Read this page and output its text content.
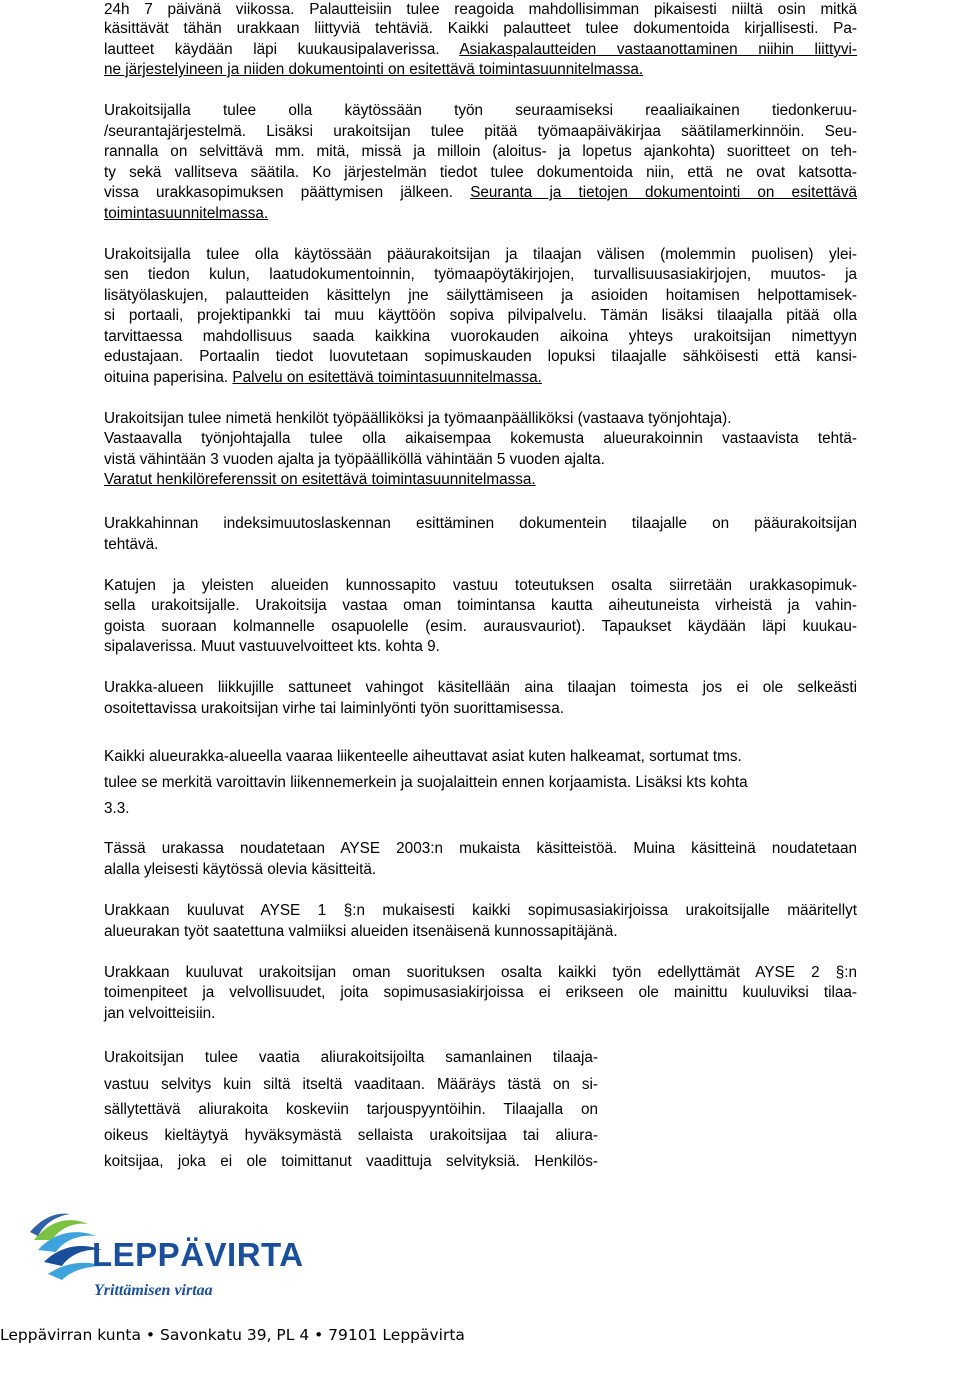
24h 7 päivänä viikossa. Palautteisiin tulee reagoida mahdollisimman pikaisesti niiltä osin mitkä
käsittävät tähän urakkaan liittyviä tehtäviä. Kaikki palautteet tulee dokumentoida kirjallisesti. Pa-
lautteet käydään läpi kuukausipalaverissa. Asiakaspalautteiden vastaanottaminen niihin liittyvi-
ne järjestelyineen ja niiden dokumentointi on esitettävä toimintasuunnitelmassa.
Urakoitsijalla tulee olla käytössään työn seuraamiseksi reaaliaikainen tiedonkeruu-
/seurantajärjestelmä. Lisäksi urakoitsijan tulee pitää työmaapäiväkirjaa säätilamerkinnöin. Seu-
rannalla on selvittävä mm. mitä, missä ja milloin (aloitus- ja lopetus ajankohta) suoritteet on teh-
ty sekä vallitseva säätila. Ko järjestelmän tiedot tulee dokumentoida niin, että ne ovat katsotta-
vissa urakkasopimuksen päättymisen jälkeen. Seuranta ja tietojen dokumentointi on esitettävä
toimintasuunnitelmassa.
Urakoitsijalla tulee olla käytössään pääurakoitsijan ja tilaajan välisen (molemmin puolisen) ylei-
sen tiedon kulun, laatudokumentoinnin, työmaapöytäkirjojen, turvallisuusasiakirjojen, muutos- ja
lisätyölaskujen, palautteiden käsittelyn jne säilyttämiseen ja asioiden hoitamisen helpottamisek-
si portaali, projektipankki tai muu käyttöön sopiva pilvipalvelu. Tämän lisäksi tilaajalla pitää olla
tarvittaessa mahdollisuus saada kaikkina vuorokauden aikoina yhteys urakoitsijan nimettyyn
edustajaan. Portaalin tiedot luovutetaan sopimuskauden lopuksi tilaajalle sähköisesti että kansi-
oituina paperisina. Palvelu on esitettävä toimintasuunnitelmassa.
Urakoitsijan tulee nimetä henkilöt työpäälliköksi ja työmaanpäälliköksi (vastaava työnjohtaja).
Vastaavalla työnjohtajalla tulee olla aikaisempaa kokemusta alueurakoinnin vastaavista tehtä-
vistä vähintään 3 vuoden ajalta ja työpäälliköllä vähintään 5 vuoden ajalta.
Varatut henkilöreferenssit on esitettävä toimintasuunnitelmassa.
Urakkahinnan indeksimuutoslaskennan esittäminen dokumentein tilaajalle on pääurakoitsijan
tehtävä.
Katujen ja yleisten alueiden kunnossapito vastuu toteutuksen osalta siirretään urakkasopimuk-
sella urakoitsijalle. Urakoitsija vastaa oman toimintansa kautta aiheutuneista virheistä ja vahin-
goista suoraan kolmannelle osapuolelle (esim. aurausvauriot). Tapaukset käydään läpi kuukau-
sipalaverissa. Muut vastuuvelvoitteet kts. kohta 9.
Urakka-alueen liikkujille sattuneet vahingot käsitellään aina tilaajan toimesta jos ei ole selkeästi
osoitettavissa urakoitsijan virhe tai laiminlyönti työn suorittamisessa.
Kaikki alueurakka-alueella vaaraa liikenteelle aiheuttavat asiat kuten halkeamat, sortumat tms.
tulee se merkitä varoittavin liikennemerkein ja suojalaittein ennen korjaamista. Lisäksi kts kohta
3.3.
Tässä urakassa noudatetaan AYSE 2003:n mukaista käsitteistöä. Muina käsitteinä noudatetaan
alalla yleisesti käytössä olevia käsitteitä.
Urakkaan kuuluvat AYSE 1 §:n mukaisesti kaikki sopimusasiakirjoissa urakoitsijalle määritellyt
alueurakan työt saatettuna valmiiksi alueiden itsenäisenä kunnossapitäjänä.
Urakkaan kuuluvat urakoitsijan oman suorituksen osalta kaikki työn edellyttämät AYSE 2 §:n
toimenpiteet ja velvollisuudet, joita sopimusasiakirjoissa ei erikseen ole mainittu kuuluviksi tilaa-
jan velvoitteisiin.
Urakoitsijan tulee vaatia aliurakoitsijoilta samanlainen tilaaja-
vastuu selvitys kuin siltä itseltä vaaditaan. Määräys tästä on si-
sällytettävä aliurakoita koskeviin tarjouspyyntöihin. Tilaajalla on
oikeus kieltäytyä hyväksymästä sellaista urakoitsijaa tai aliura-
koitsijaa, joka ei ole toimittanut vaadittuja selvityksiä. Henkilös-
LEPPÄVIRTA
Yrittämisen virtaa
Leppävirran kunta • Savonkatu 39, PL 4 • 79101 Leppävirta
